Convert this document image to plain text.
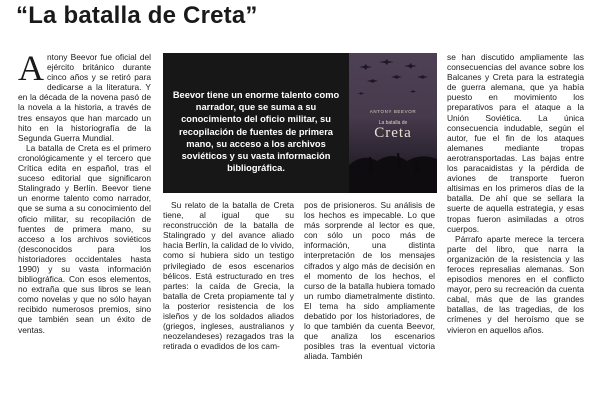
“La batalla de Creta”

Antony Beevor fue oficial del ejército británico durante cinco años y se retiró para dedicarse a la literatura. Y en la década de la novena pasó de la novela a la historia, a través de tres ensayos que han marcado un hito en la historiografía de la Segunda Guerra Mundial.

La batalla de Creta es el primero cronológicamente y el tercero que Crítica edita en español, tras el suceso editorial que significaron Stalingrado y Berlín. Beevor tiene un enorme talento como narrador, que se suma a su conocimiento del oficio militar, su recopilación de fuentes de primera mano, su acceso a los archivos soviéticos (desconocidos para los historiadores occidentales hasta 1990) y su vasta información bibliográfica. Con esos elementos, no extraña que sus libros se lean como novelas y que no sólo hayan recibido numerosos premios, sino que también sean un éxito de ventas.

Beevor tiene un enorme talento como narrador, que se suma a su conocimiento del oficio militar, su recopilación de fuentes de primera mano, su acceso a los archivos soviéticos y su vasta información bibliográfica.

ANTONY BEEVOR

La batalla de

Creta

Su relato de la batalla de Creta tiene, al igual que su reconstrucción de la batalla de Stalingrado y del avance aliado hacia Berlín, la calidad de lo vivido, como si hubiera sido un testigo privilegiado de esos escenarios bélicos. Está estructurado en tres partes: la caída de Grecia, la batalla de Creta propiamente tal y la posterior resistencia de los isleños y de los soldados aliados (griegos, ingleses, australianos y neozelandeses) rezagados tras la retirada o evadidos de los cam-

pos de prisioneros. Su análisis de los hechos es impecable. Lo que más sorprende al lector es que, con sólo un poco más de información, una distinta interpretación de los mensajes cifrados y algo más de decisión en el momento de los hechos, el curso de la batalla hubiera tomado un rumbo diametralmente distinto. El tema ha sido ampliamente debatido por los historiadores, de lo que también da cuenta Beevor, que analiza los escenarios posibles tras la eventual victoria aliada. También

se han discutido ampliamente las consecuencias del avance sobre los Balcanes y Creta para la estrategia de guerra alemana, que ya había puesto en movimiento los preparativos para el ataque a la Unión Soviética. La única consecuencia indudable, según el autor, fue el fin de los ataques alemanes mediante tropas aerotransportadas. Las bajas entre los paracaidistas y la pérdida de aviones de transporte fueron altisimas en los primeros días de la batalla. De ahí que se sellara la suerte de aquella estrategia, y esas tropas fueron asimiladas a otros cuerpos.

Párrafo aparte merece la tercera parte del libro, que narra la organización de la resistencia y las feroces represalias alemanas. Son episodios menores en el conflicto mayor, pero su recreación da cuenta cabal, más que de las grandes batallas, de las tragedias, de los crímenes y del heroísmo que se vivieron en aquellos años.
